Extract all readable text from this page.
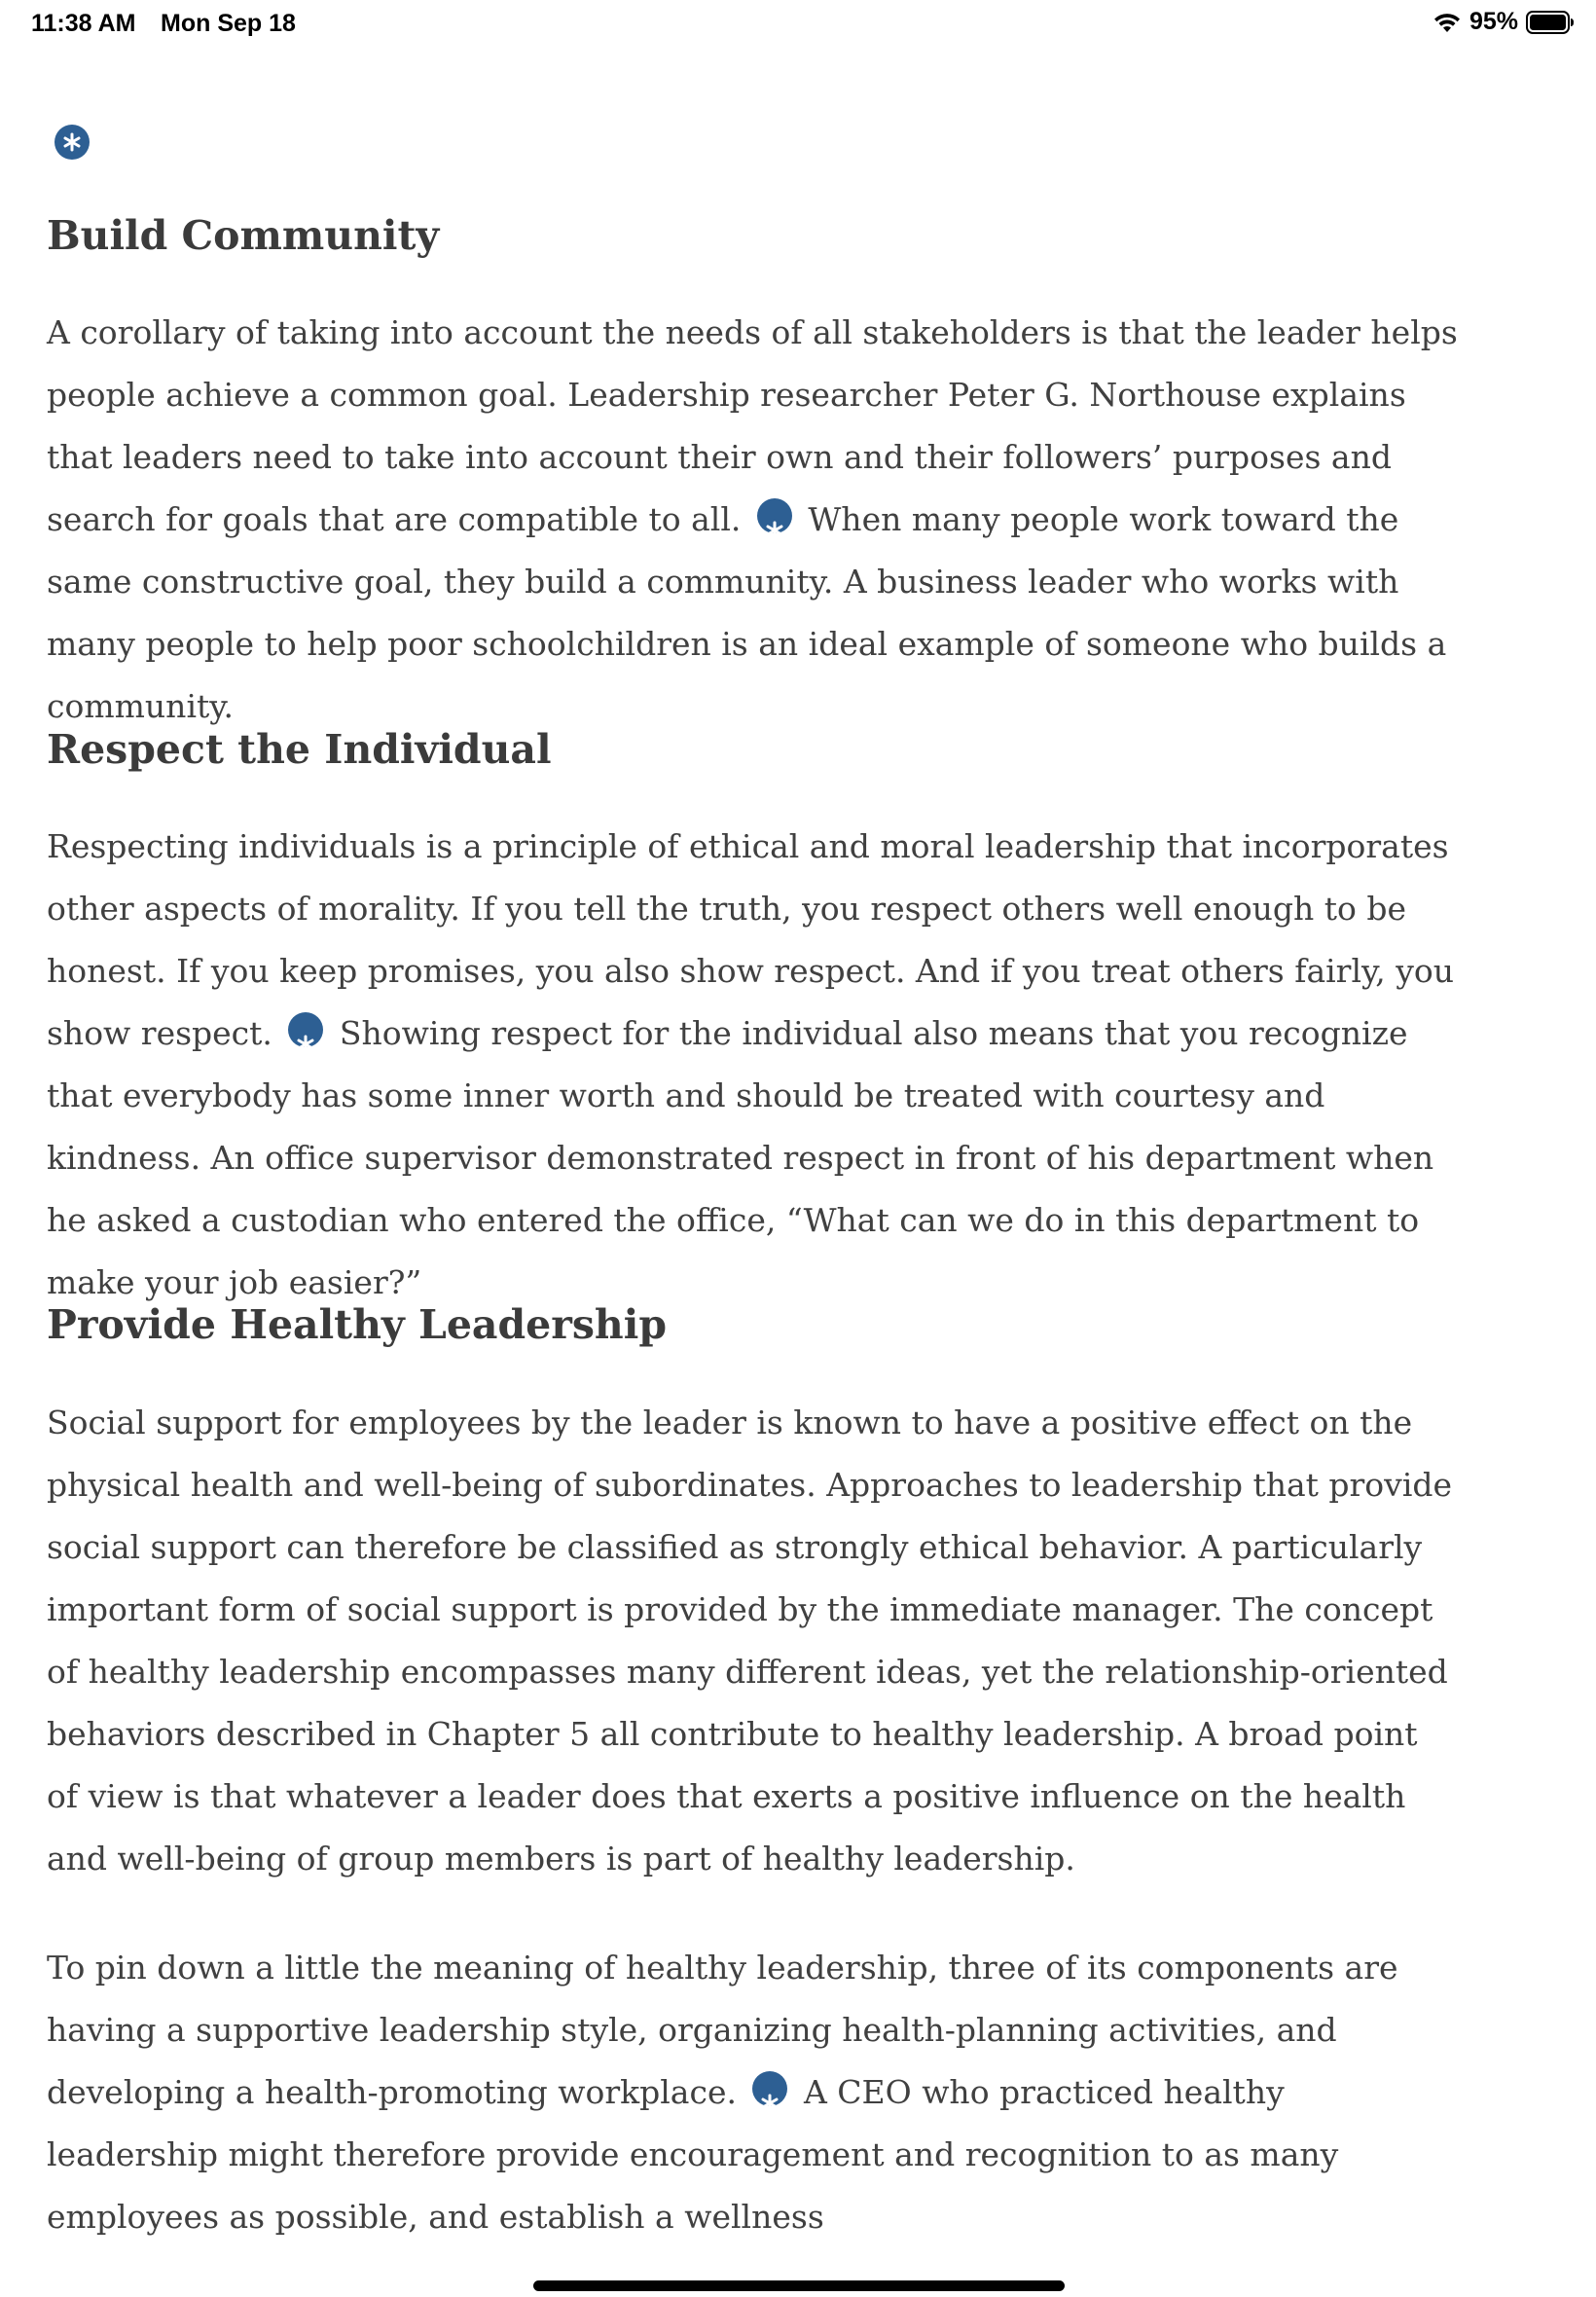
11:38 AM Mon Sep 18	95%
Build Community

A corollary of taking into account the needs of all stakeholders is that the leader helps people achieve a common goal. Leadership researcher Peter G. Northouse explains that leaders need to take into account their own and their followers’ purposes and search for goals that are compatible to all. When many people work toward the same constructive goal, they build a community. A business leader who works with many people to help poor schoolchildren is an ideal example of someone who builds a community.

Respect the Individual

Respecting individuals is a principle of ethical and moral leadership that incorporates other aspects of morality. If you tell the truth, you respect others well enough to be honest. If you keep promises, you also show respect. And if you treat others fairly, you show respect. Showing respect for the individual also means that you recognize that everybody has some inner worth and should be treated with courtesy and kindness. An office supervisor demonstrated respect in front of his department when he asked a custodian who entered the office, “What can we do in this department to make your job easier?”

Provide Healthy Leadership

Social support for employees by the leader is known to have a positive effect on the physical health and well-being of subordinates. Approaches to leadership that provide social support can therefore be classified as strongly ethical behavior. A particularly important form of social support is provided by the immediate manager. The concept of healthy leadership encompasses many different ideas, yet the relationship-oriented behaviors described in Chapter 5 all contribute to healthy leadership. A broad point of view is that whatever a leader does that exerts a positive influence on the health and well-being of group members is part of healthy leadership.

To pin down a little the meaning of healthy leadership, three of its components are having a supportive leadership style, organizing health-planning activities, and developing a health-promoting workplace. A CEO who practiced healthy leadership might therefore provide encouragement and recognition to as many employees as possible, and establish a wellness
